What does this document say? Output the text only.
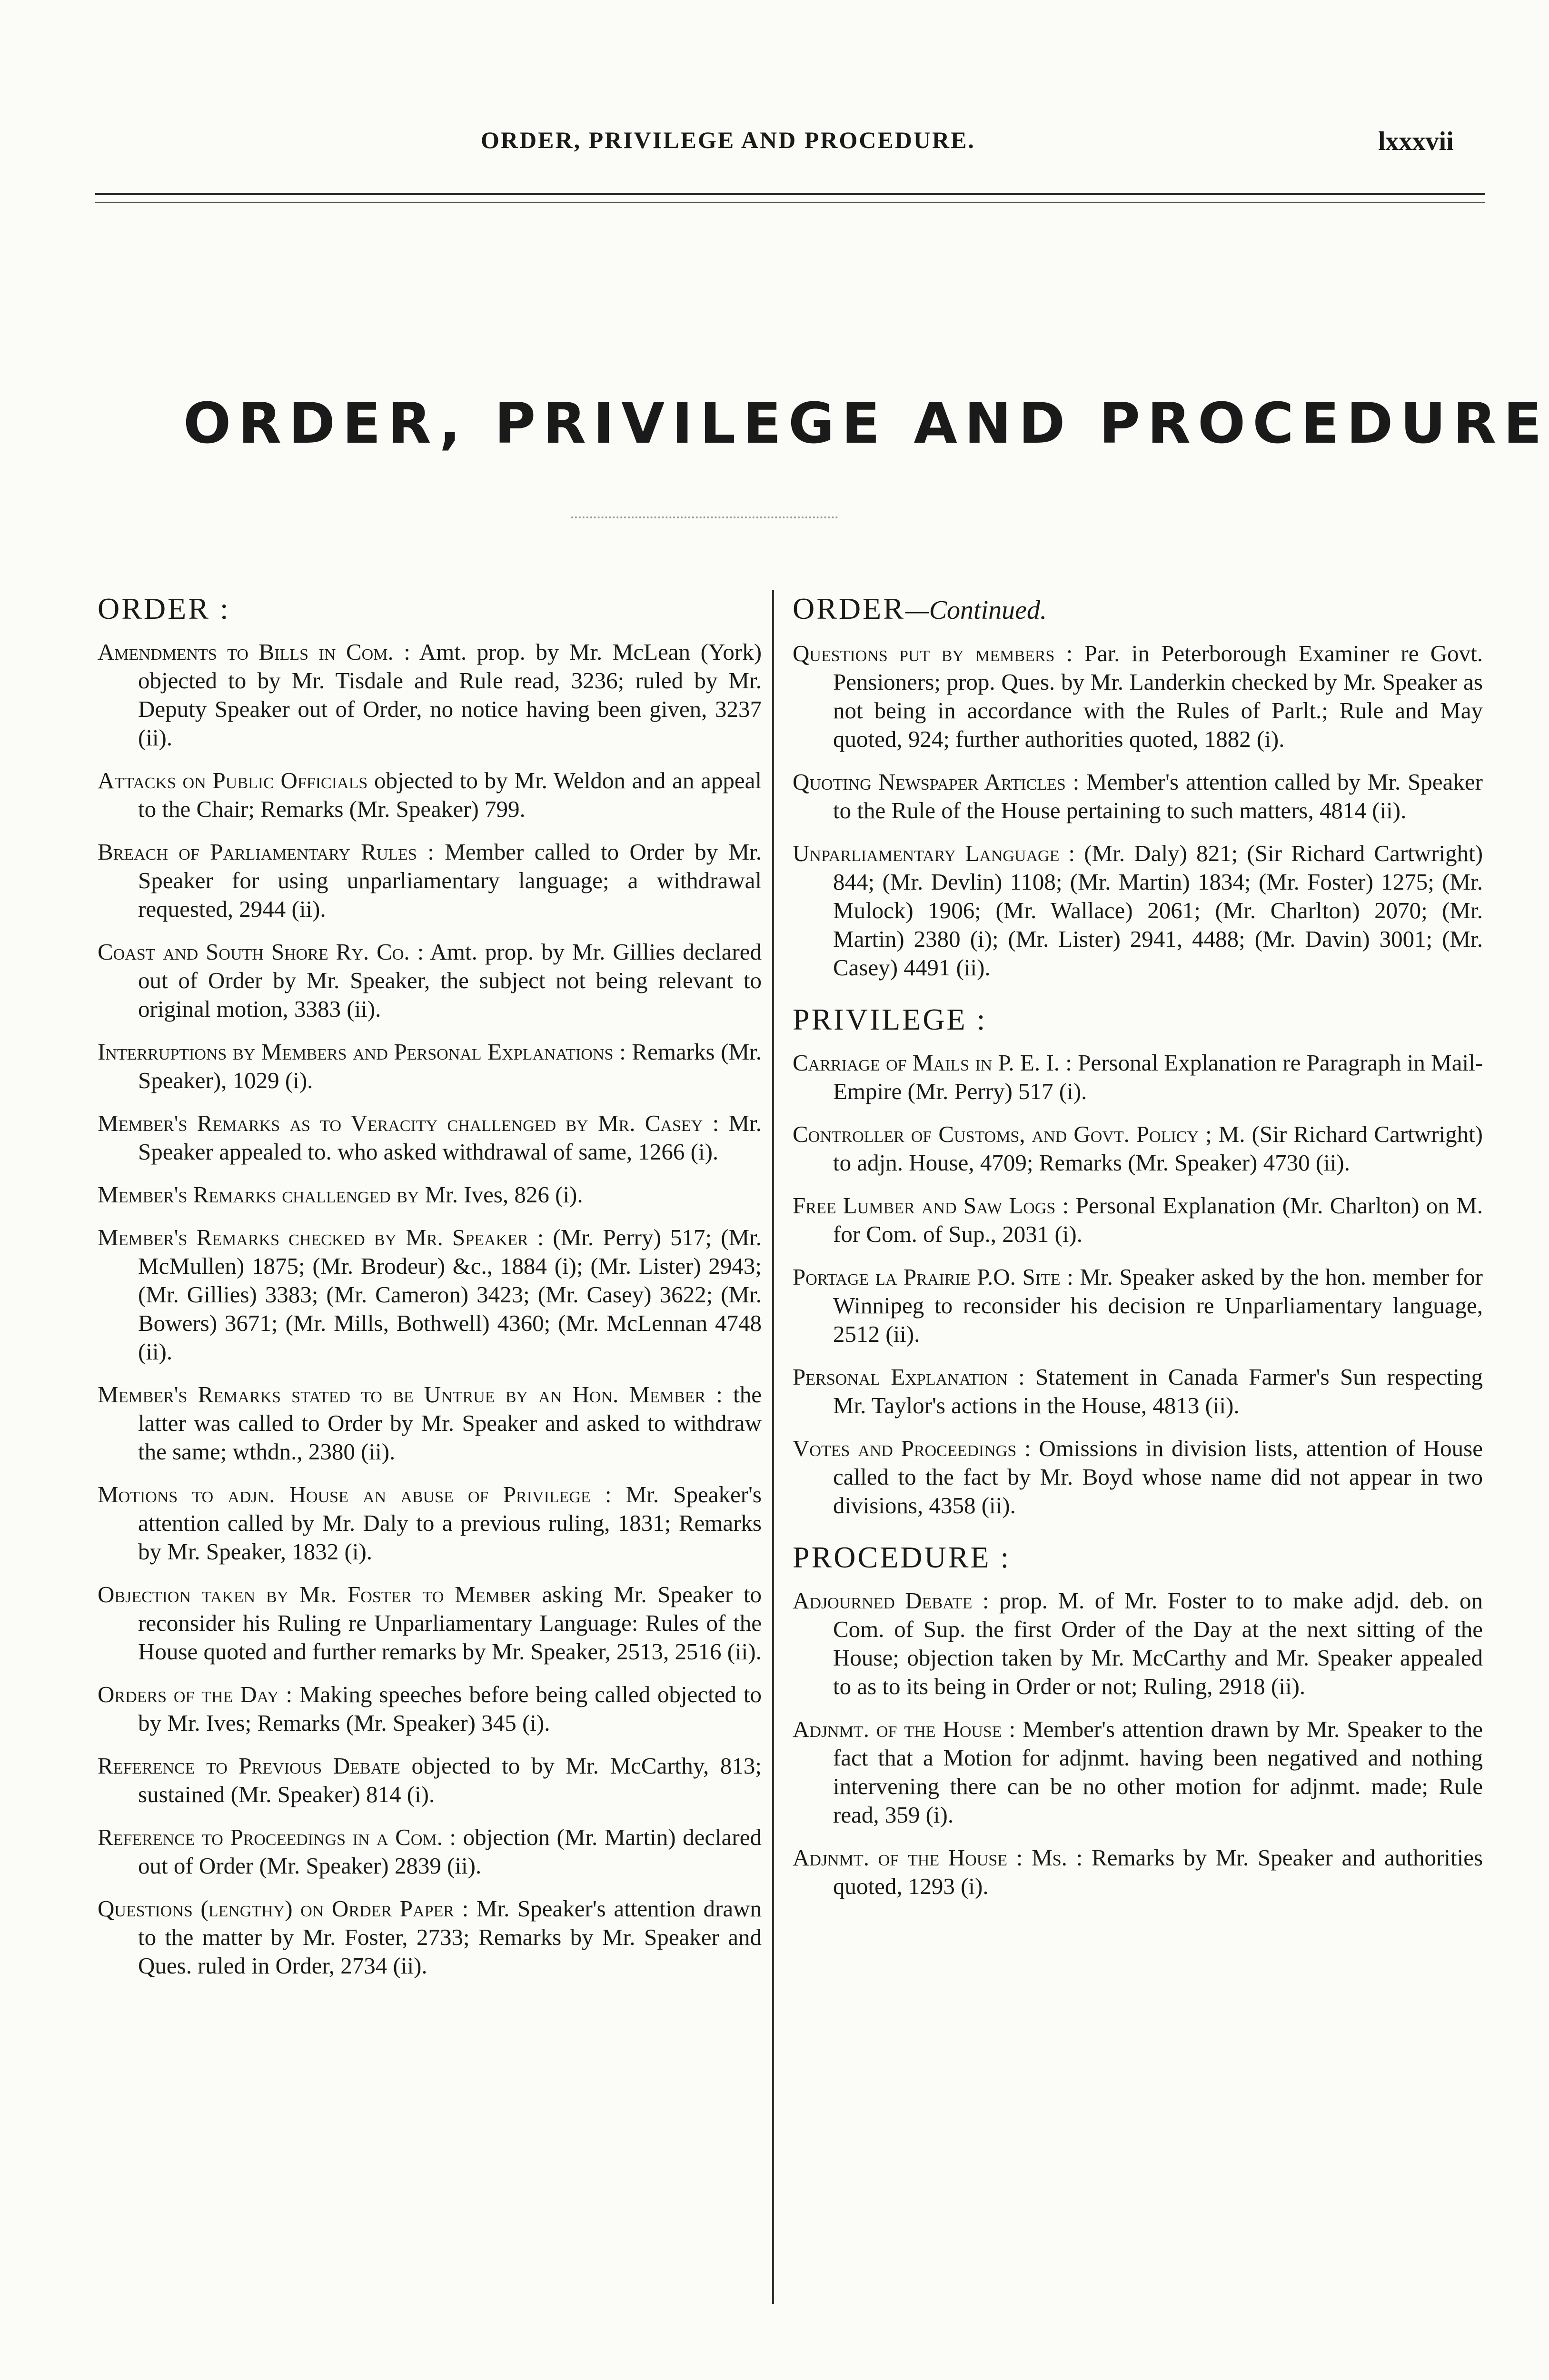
ORDER, PRIVILEGE AND PROCEDURE.	lxxxvii
ORDER, PRIVILEGE AND PROCEDURE

ORDER :

Amendments to Bills in Com. : Amt. prop. by Mr. McLean (York) objected to by Mr. Tisdale and Rule read, 3236; ruled by Mr. Deputy Speaker out of Order, no notice having been given, 3237 (ii).

Attacks on Public Officials objected to by Mr. Weldon and an appeal to the Chair; Remarks (Mr. Speaker) 799.

Breach of Parliamentary Rules : Member called to Order by Mr. Speaker for using unparliamentary language; a withdrawal requested, 2944 (ii).

Coast and South Shore Ry. Co. : Amt. prop. by Mr. Gillies declared out of Order by Mr. Speaker, the subject not being relevant to original motion, 3383 (ii).

Interruptions by Members and Personal Explanations : Remarks (Mr. Speaker), 1029 (i).

Member's Remarks as to Veracity challenged by Mr. Casey : Mr. Speaker appealed to. who asked withdrawal of same, 1266 (i).

Member's Remarks challenged by Mr. Ives, 826 (i).

Member's Remarks checked by Mr. Speaker : (Mr. Perry) 517; (Mr. McMullen) 1875; (Mr. Brodeur) &c., 1884 (i); (Mr. Lister) 2943; (Mr. Gillies) 3383; (Mr. Cameron) 3423; (Mr. Casey) 3622; (Mr. Bowers) 3671; (Mr. Mills, Bothwell) 4360; (Mr. McLennan 4748 (ii).

Member's Remarks stated to be Untrue by an Hon. Member : the latter was called to Order by Mr. Speaker and asked to withdraw the same; wthdn., 2380 (ii).

Motions to adjn. House an abuse of Privilege : Mr. Speaker's attention called by Mr. Daly to a previous ruling, 1831; Remarks by Mr. Speaker, 1832 (i).

Objection taken by Mr. Foster to Member asking Mr. Speaker to reconsider his Ruling re Unparliamentary Language: Rules of the House quoted and further remarks by Mr. Speaker, 2513, 2516 (ii).

Orders of the Day : Making speeches before being called objected to by Mr. Ives; Remarks (Mr. Speaker) 345 (i).

Reference to Previous Debate objected to by Mr. McCarthy, 813; sustained (Mr. Speaker) 814 (i).

Reference to Proceedings in a Com. : objection (Mr. Martin) declared out of Order (Mr. Speaker) 2839 (ii).

Questions (lengthy) on Order Paper : Mr. Speaker's attention drawn to the matter by Mr. Foster, 2733; Remarks by Mr. Speaker and Ques. ruled in Order, 2734 (ii).

ORDER—Continued.

Questions put by members : Par. in Peterborough Examiner re Govt. Pensioners; prop. Ques. by Mr. Landerkin checked by Mr. Speaker as not being in accordance with the Rules of Parlt.; Rule and May quoted, 924; further authorities quoted, 1882 (i).

Quoting Newspaper Articles : Member's attention called by Mr. Speaker to the Rule of the House pertaining to such matters, 4814 (ii).

Unparliamentary Language : (Mr. Daly) 821; (Sir Richard Cartwright) 844; (Mr. Devlin) 1108; (Mr. Martin) 1834; (Mr. Foster) 1275; (Mr. Mulock) 1906; (Mr. Wallace) 2061; (Mr. Charlton) 2070; (Mr. Martin) 2380 (i); (Mr. Lister) 2941, 4488; (Mr. Davin) 3001; (Mr. Casey) 4491 (ii).

PRIVILEGE :

Carriage of Mails in P. E. I. : Personal Explanation re Paragraph in Mail-Empire (Mr. Perry) 517 (i).

Controller of Customs, and Govt. Policy ; M. (Sir Richard Cartwright) to adjn. House, 4709; Remarks (Mr. Speaker) 4730 (ii).

Free Lumber and Saw Logs : Personal Explanation (Mr. Charlton) on M. for Com. of Sup., 2031 (i).

Portage la Prairie P.O. Site : Mr. Speaker asked by the hon. member for Winnipeg to reconsider his decision re Unparliamentary language, 2512 (ii).

Personal Explanation : Statement in Canada Farmer's Sun respecting Mr. Taylor's actions in the House, 4813 (ii).

Votes and Proceedings : Omissions in division lists, attention of House called to the fact by Mr. Boyd whose name did not appear in two divisions, 4358 (ii).

PROCEDURE :

Adjourned Debate : prop. M. of Mr. Foster to to make adjd. deb. on Com. of Sup. the first Order of the Day at the next sitting of the House; objection taken by Mr. McCarthy and Mr. Speaker appealed to as to its being in Order or not; Ruling, 2918 (ii).

Adjnmt. of the House : Member's attention drawn by Mr. Speaker to the fact that a Motion for adjnmt. having been negatived and nothing intervening there can be no other motion for adjnmt. made; Rule read, 359 (i).

Adjnmt. of the House : Ms. : Remarks by Mr. Speaker and authorities quoted, 1293 (i).
